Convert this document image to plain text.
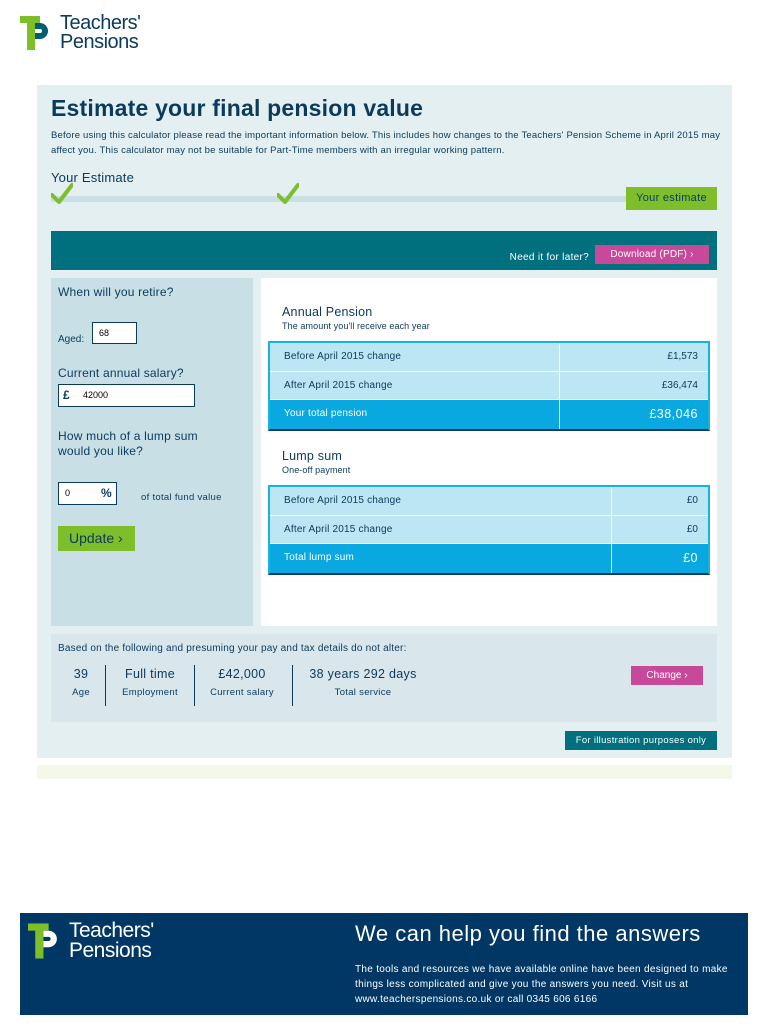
Teachers'
Pensions
Estimate your final pension value

Before using this calculator please read the important information below. This includes how changes to the Teachers' Pension Scheme in April 2015 may affect you. This calculator may not be suitable for Part-Time members with an irregular working pattern.

Your Estimate
Your estimate
Need it for later?	Download (PDF) ›
When will you retire?
Aged:
68
Current annual salary?
42000
£
How much of a lump sum
would you like?
0	%	of total fund value
Update ›
Annual Pension
The amount you'll receive each year
Before April 2015 change	£1,573
After April 2015 change	£36,474
Your total pension	£38,046
Lump sum
One-off payment
Before April 2015 change	£0
After April 2015 change	£0
Total lump sum	£0
Based on the following and presuming your pay and tax details do not alter:
39
Age
Full time
Employment
£42,000
Current salary
38 years 292 days
Total service
Change ›
For illustration purposes only
Teachers'
Pensions
We can help you find the answers
The tools and resources we have available online have been designed to make things less complicated and give you the answers you need. Visit us at www.teacherspensions.co.uk or call 0345 606 6166
